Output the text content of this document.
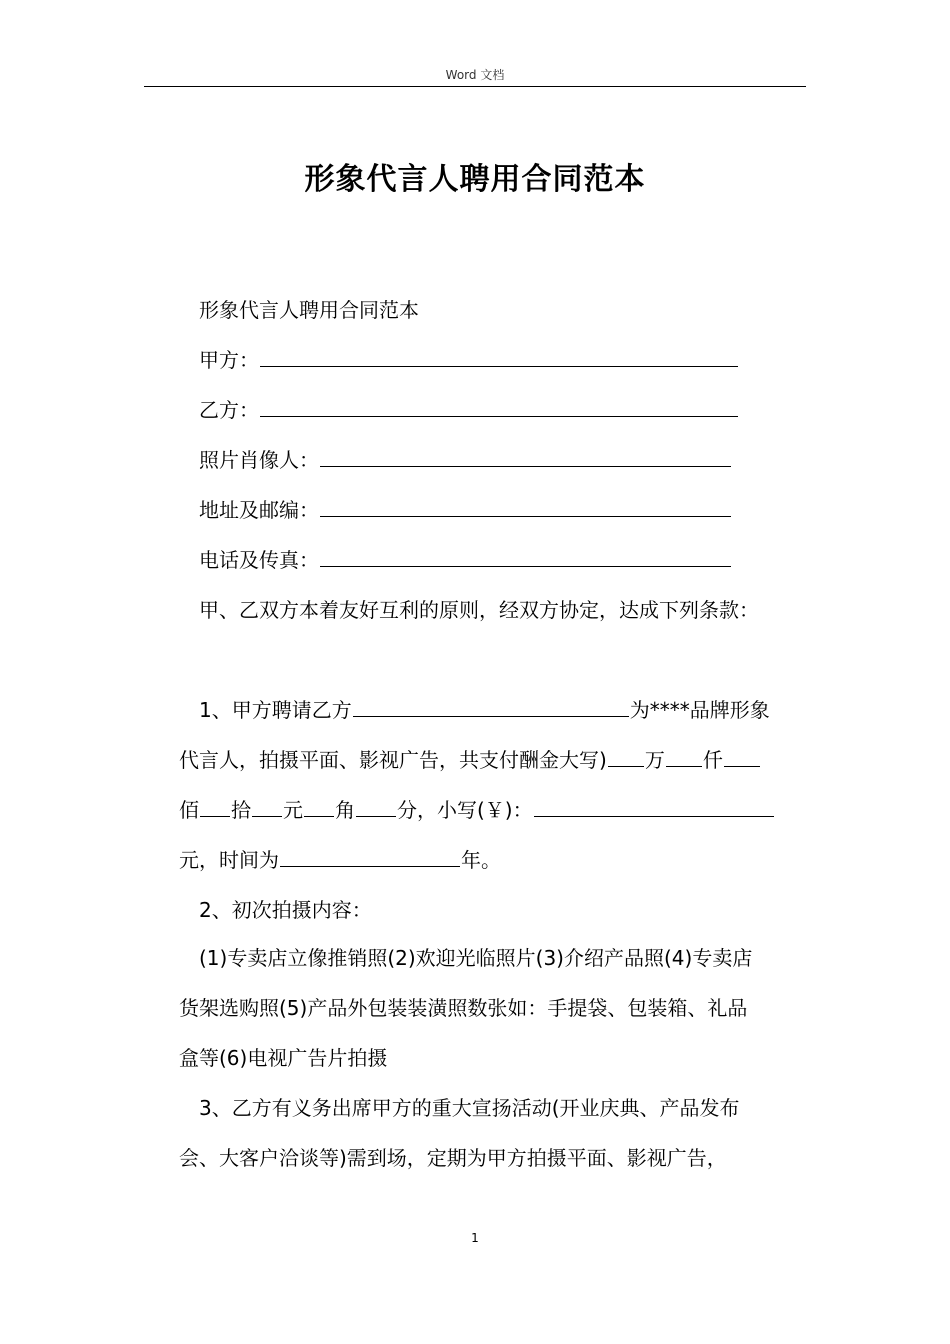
Word 文档
形象代言人聘用合同范本
形象代言人聘用合同范本
甲方：
乙方：
照片肖像人：
地址及邮编：
电话及传真：
甲、乙双方本着友好互利的原则，经双方协定，达成下列条款：
1、甲方聘请乙方	为****品牌形象
代言人，拍摄平面、影视广告，共支付酬金大写) 万 仟
佰 拾 元 角 分，小写(￥)：
元，时间为	年。
2、初次拍摄内容：
(1)专卖店立像推销照(2)欢迎光临照片(3)介绍产品照(4)专卖店
货架选购照(5)产品外包装装潢照数张如：手提袋、包装箱、礼品
盒等(6)电视广告片拍摄
3、乙方有义务出席甲方的重大宣扬活动(开业庆典、产品发布
会、大客户洽谈等)需到场，定期为甲方拍摄平面、影视广告，
1
